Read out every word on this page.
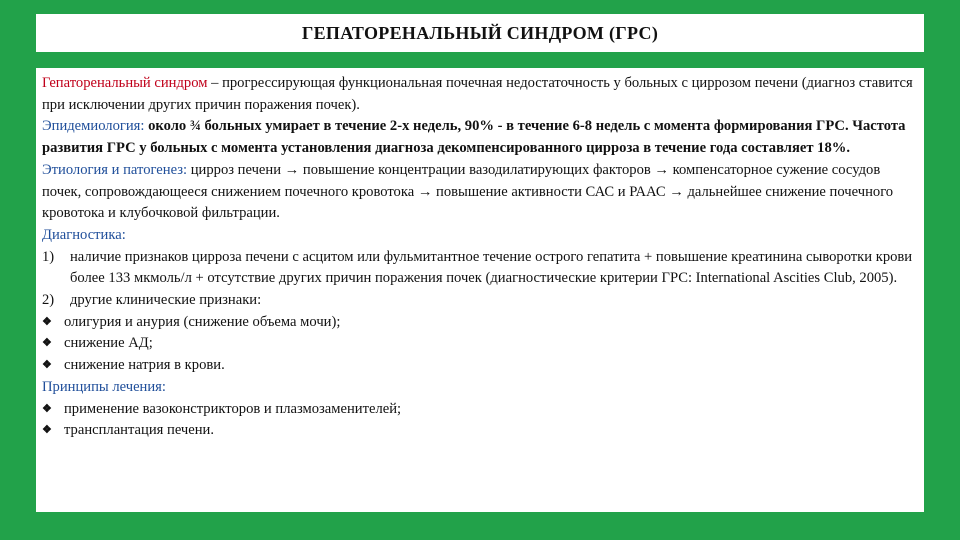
ГЕПАТОРЕНАЛЬНЫЙ СИНДРОМ (ГРС)
Гепаторенальный синдром – прогрессирующая функциональная почечная недостаточность у больных с циррозом печени (диагноз ставится при исключении других причин поражения почек).
Эпидемиология: около ¾ больных умирает в течение 2-х недель, 90% - в течение 6-8 недель с момента формирования ГРС. Частота развития ГРС у больных с момента установления диагноза декомпенсированного цирроза в течение года составляет 18%.
Этиология и патогенез: цирроз печени → повышение концентрации вазодилатирующих факторов → компенсаторное сужение сосудов почек, сопровождающееся снижением почечного кровотока → повышение активности САС и РААС → дальнейшее снижение почечного кровотока и клубочковой фильтрации.
Диагностика:
1)	наличие признаков цирроза печени с асцитом или фульмитантное течение острого гепатита + повышение креатинина сыворотки крови более 133 мкмоль/л + отсутствие других причин поражения почек (диагностические критерии ГРС: International Ascities Club, 2005).
2)	другие клинические признаки:
❖ олигурия и анурия (снижение объема мочи);
❖ снижение АД;
❖ снижение натрия в крови.
Принципы лечения:
❖ применение вазоконстрикторов и плазмозаменителей;
❖ трансплантация печени.
